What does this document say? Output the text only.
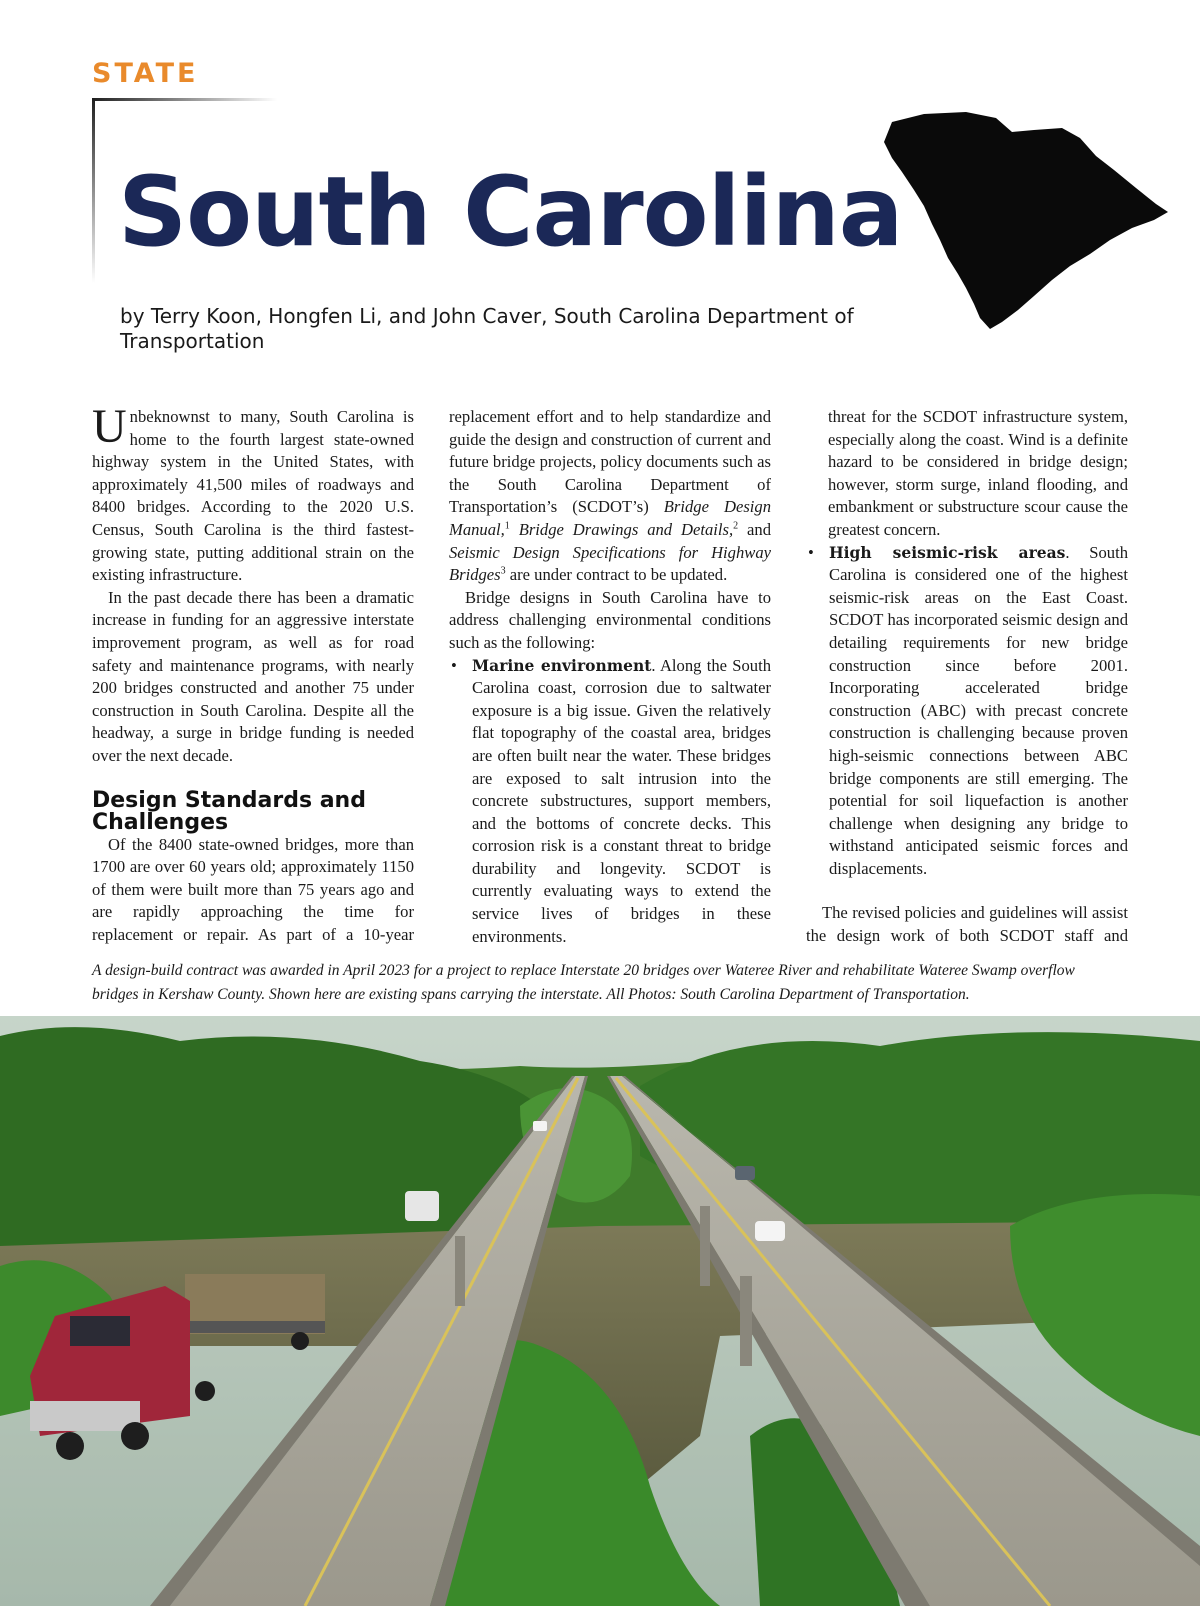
STATE
South Carolina

by Terry Koon, Hongfen Li, and John Caver, South Carolina Department of Transportation

Unbeknownst to many, South Carolina is home to the fourth largest state-owned highway system in the United States, with approximately 41,500 miles of roadways and 8400 bridges. According to the 2020 U.S. Census, South Carolina is the third fastest-growing state, putting additional strain on the existing infrastructure.

In the past decade there has been a dramatic increase in funding for an aggressive interstate improvement program, as well as for road safety and maintenance programs, with nearly 200 bridges constructed and another 75 under construction in South Carolina. Despite all the headway, a surge in bridge funding is needed over the next decade.

Design Standards and Challenges

Of the 8400 state-owned bridges, more than 1700 are over 60 years old; approximately 1150 of them were built more than 75 years ago and are rapidly approaching the time for replacement or repair. As part of a 10-year

replacement effort and to help standardize and guide the design and construction of current and future bridge projects, policy documents such as the South Carolina Department of Transportation’s (SCDOT’s) Bridge Design Manual,$^1$ Bridge Drawings and Details,$^2$ and Seismic Design Specifications for Highway Bridges$^3$ are under contract to be updated.

Bridge designs in South Carolina have to address challenging environmental conditions such as the following:

• Marine environment. Along the South Carolina coast, corrosion due to saltwater exposure is a big issue. Given the relatively flat topography of the coastal area, bridges are often built near the water. These bridges are exposed to salt intrusion into the concrete substructures, support members, and the bottoms of concrete decks. This corrosion risk is a constant threat to bridge durability and longevity. SCDOT is currently evaluating ways to extend the service lives of bridges in these environments.

threat for the SCDOT infrastructure system, especially along the coast. Wind is a definite hazard to be considered in bridge design; however, storm surge, inland flooding, and embankment or substructure scour cause the greatest concern.

• High seismic-risk areas. South Carolina is considered one of the highest seismic-risk areas on the East Coast. SCDOT has incorporated seismic design and detailing requirements for new bridge construction since before 2001. Incorporating accelerated bridge construction (ABC) with precast concrete construction is challenging because proven high-seismic connections between ABC bridge components are still emerging. The potential for soil liquefaction is another challenge when designing any bridge to withstand anticipated seismic forces and displacements.

The revised policies and guidelines will assist the design work of both SCDOT staff and

A design-build contract was awarded in April 2023 for a project to replace Interstate 20 bridges over Wateree River and rehabilitate Wateree Swamp overflow bridges in Kershaw County. Shown here are existing spans carrying the interstate. All Photos: South Carolina Department of Transportation.
